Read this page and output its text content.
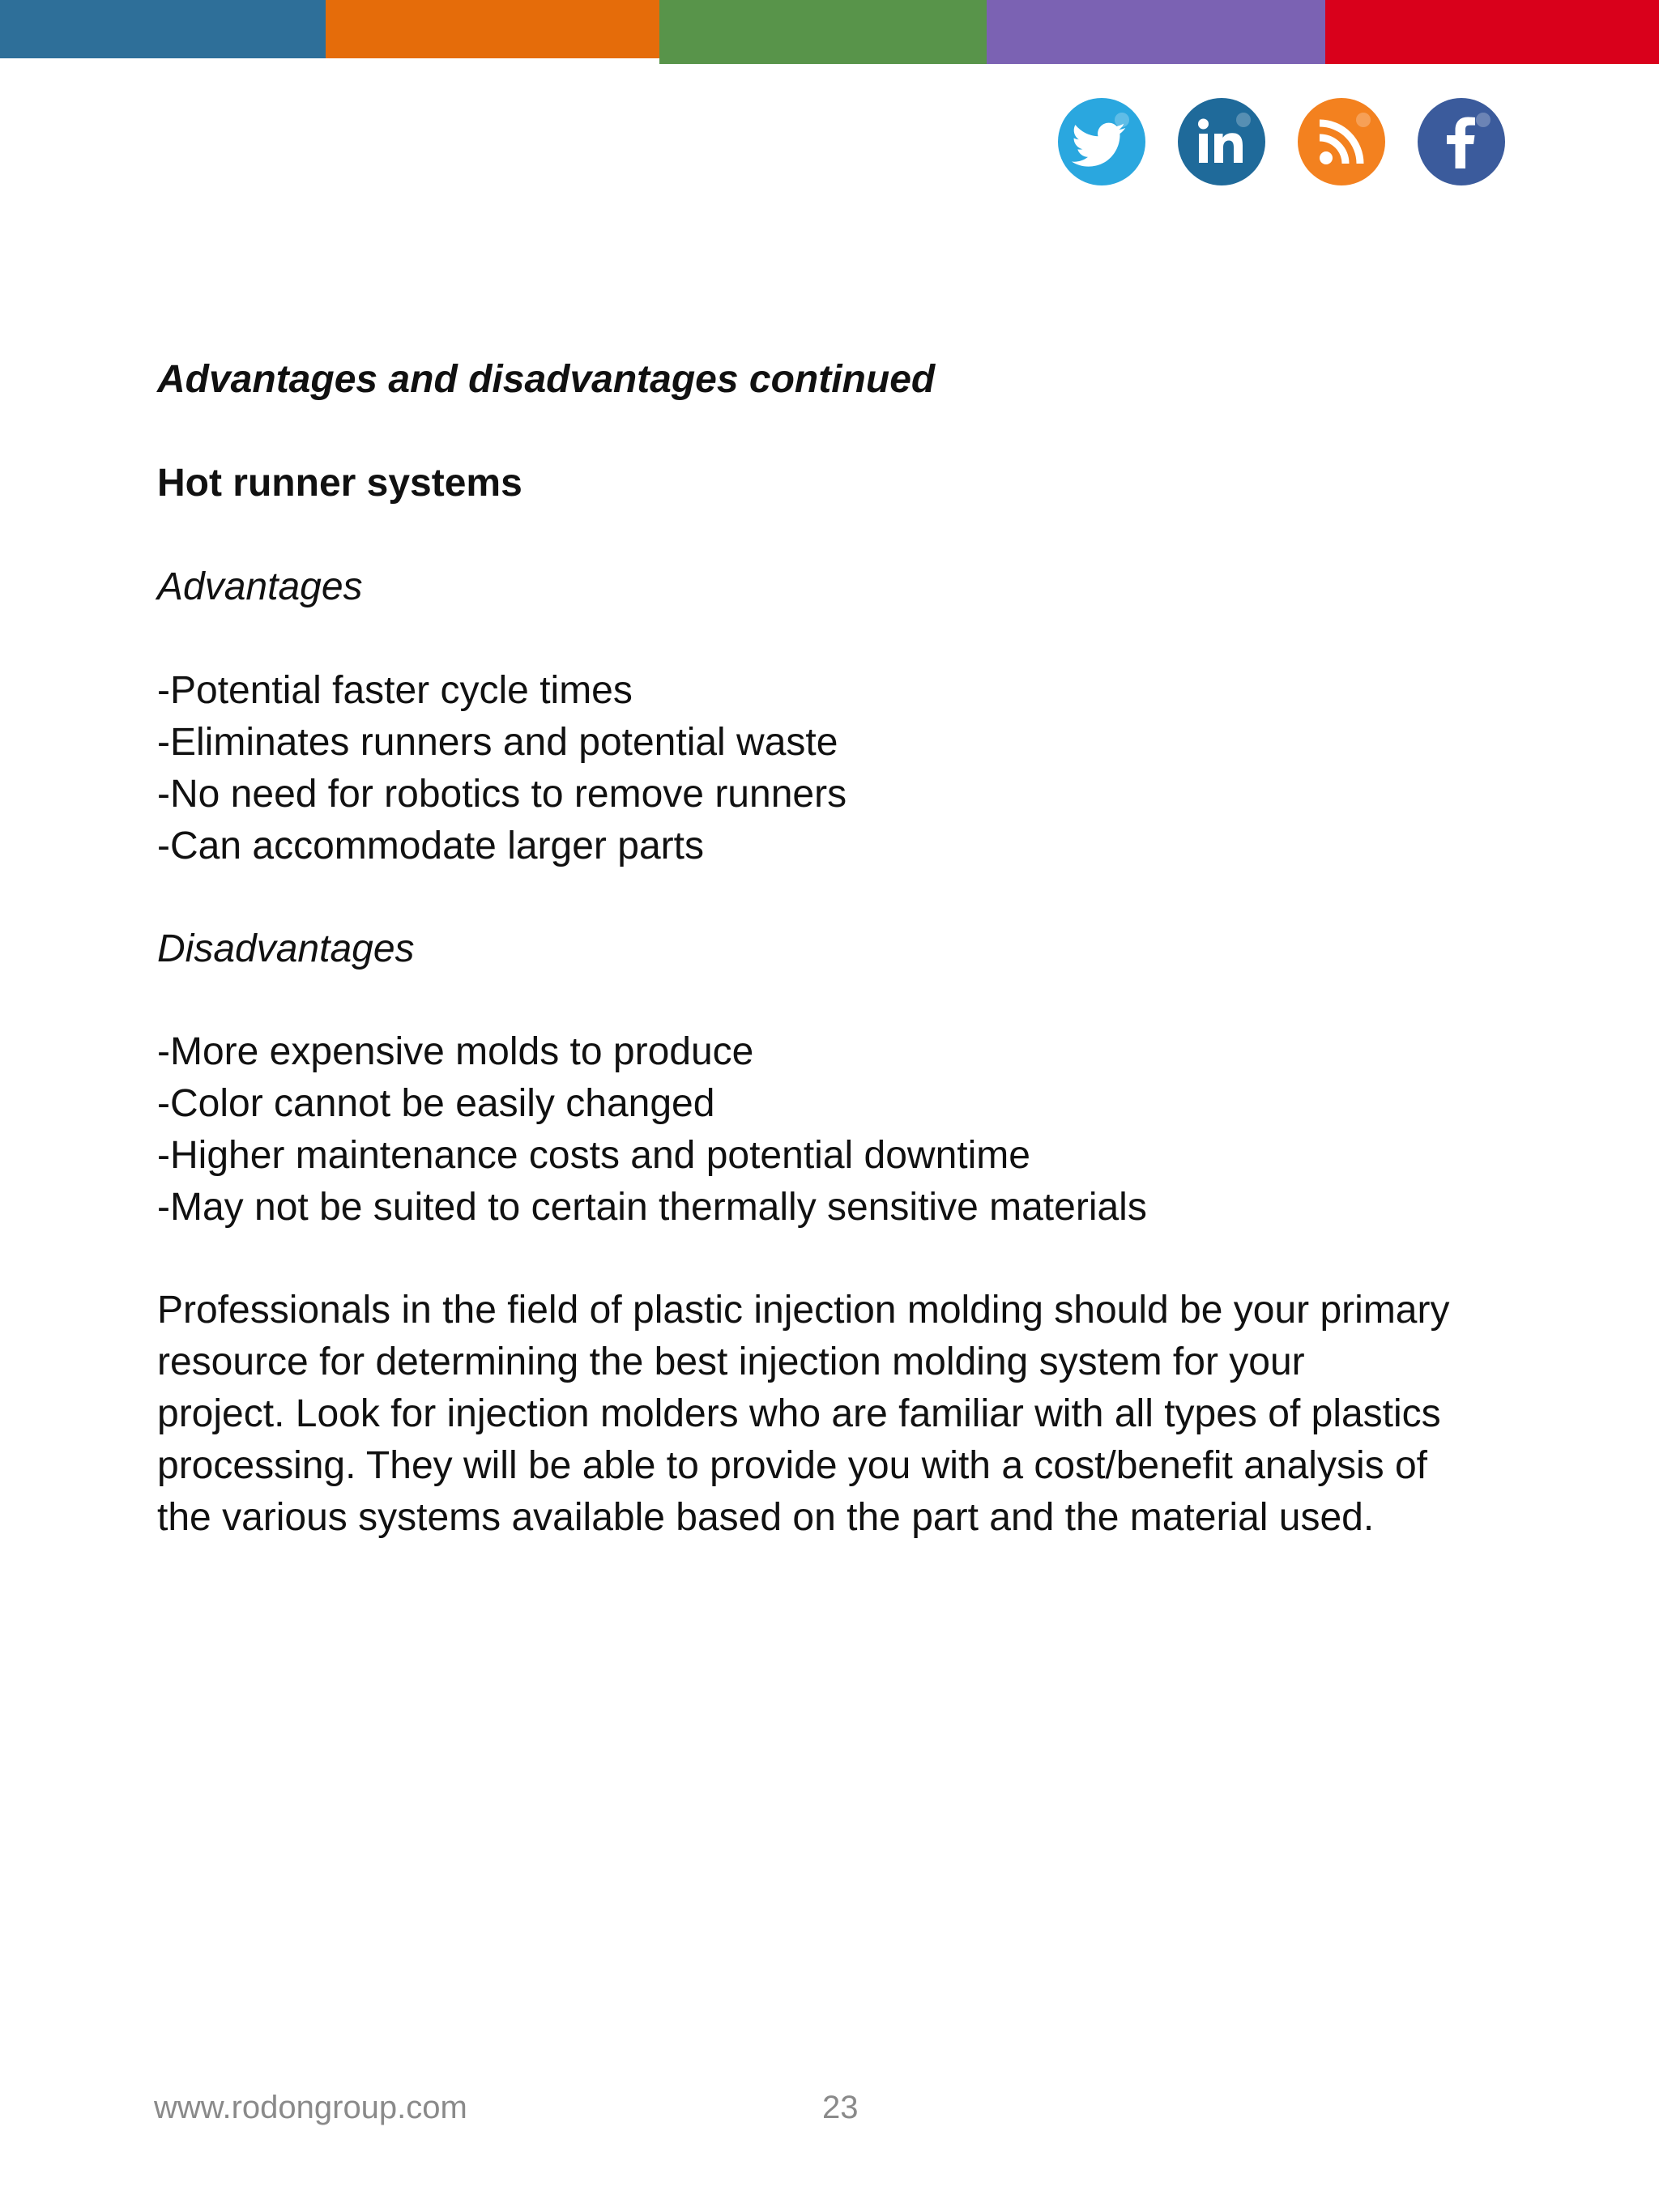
Advantages and disadvantages continued
Hot runner systems
Advantages
-Potential faster cycle times
-Eliminates runners and potential waste
-No need for robotics to remove runners
-Can accommodate larger parts
Disadvantages
-More expensive molds to produce
-Color cannot be easily changed
-Higher maintenance costs and potential downtime
-May not be suited to certain thermally sensitive materials
Professionals in the field of plastic injection molding should be your primary
resource for determining the best injection molding system for your
project. Look for injection molders who are familiar with all types of plastics
processing. They will be able to provide you with a cost/benefit analysis of
the various systems available based on the part and the material used.
www.rodongroup.com	23
